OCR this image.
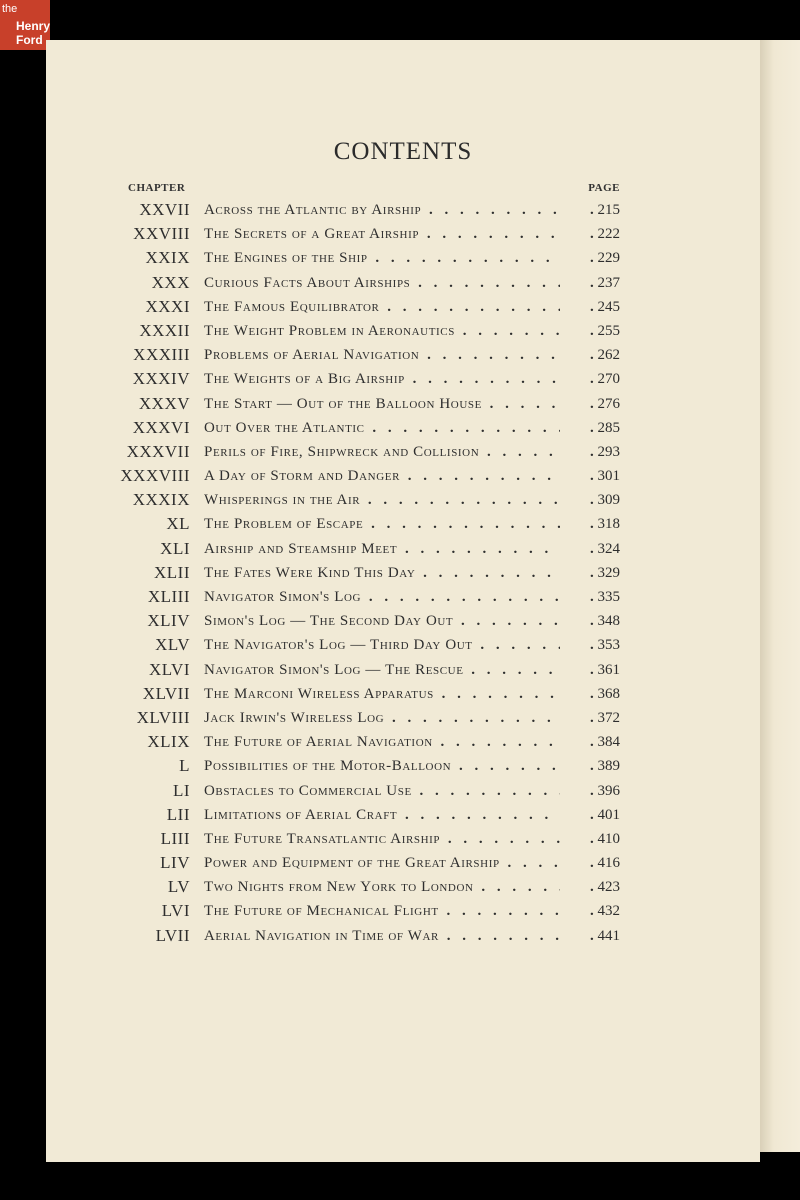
the
Henry
Ford
CONTENTS
CHAPTER	PAGE
XXVII Across the Atlantic by Airship . . .	. 215
XXVIII The Secrets of a Great Airship . . .	. 222
XXIX The Engines of the Ship . . .	. 229
XXX Curious Facts About Airships . . .	. 237
XXXI The Famous Equilibrator . . .	. 245
XXXII The Weight Problem in Aeronautics . . .	. 255
XXXIII Problems of Aerial Navigation . . .	. 262
XXXIV The Weights of a Big Airship . . .	. 270
XXXV The Start — Out of the Balloon House . . .	. 276
XXXVI Out Over the Atlantic . . .	. 285
XXXVII Perils of Fire, Shipwreck and Collision . . .	. 293
XXXVIII A Day of Storm and Danger . . .	. 301
XXXIX Whisperings in the Air . . .	. 309
XL The Problem of Escape . . .	. 318
XLI Airship and Steamship Meet . . .	. 324
XLII The Fates Were Kind This Day . . .	. 329
XLIII Navigator Simon's Log . . .	. 335
XLIV Simon's Log — The Second Day Out . . .	. 348
XLV The Navigator's Log — Third Day Out . . .	. 353
XLVI Navigator Simon's Log — The Rescue . . .	. 361
XLVII The Marconi Wireless Apparatus . . .	. 368
XLVIII Jack Irwin's Wireless Log . . .	. 372
XLIX The Future of Aerial Navigation . . .	. 384
L Possibilities of the Motor-Balloon . . .	. 389
LI Obstacles to Commercial Use . . .	. 396
LII Limitations of Aerial Craft . . .	. 401
LIII The Future Transatlantic Airship . . .	. 410
LIV Power and Equipment of the Great Airship . . .	. 416
LV Two Nights from New York to London . . .	. 423
LVI The Future of Mechanical Flight . . .	. 432
LVII Aerial Navigation in Time of War . . .	. 441
